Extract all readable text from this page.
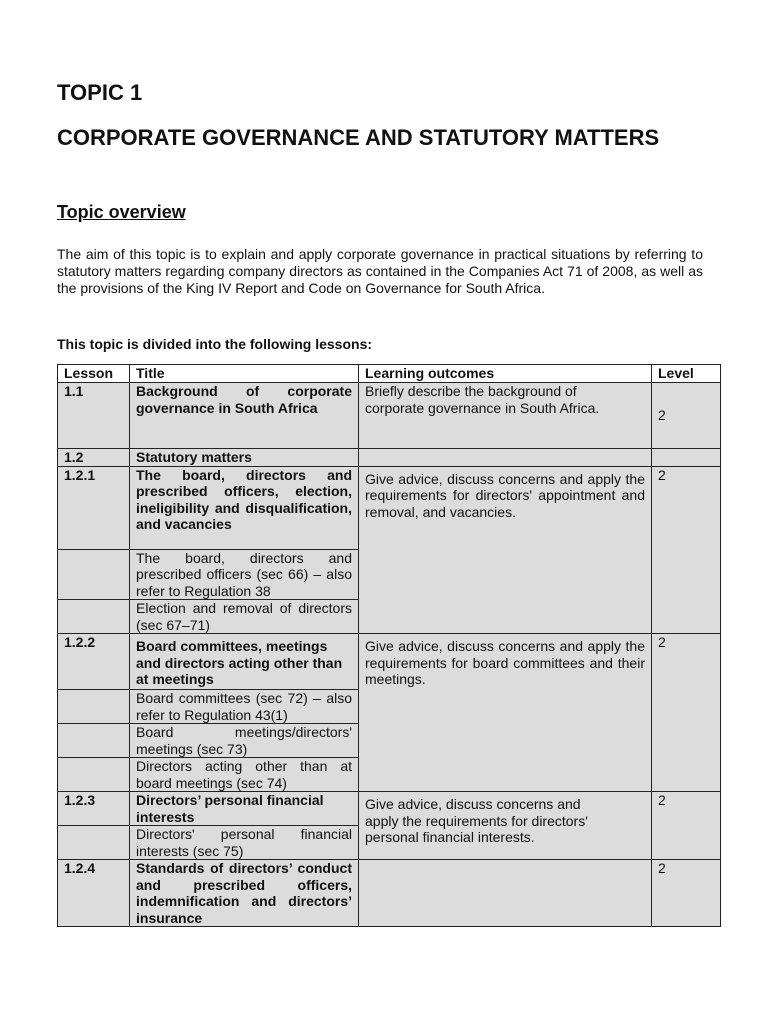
TOPIC 1
CORPORATE GOVERNANCE AND STATUTORY MATTERS
Topic overview
The aim of this topic is to explain and apply corporate governance in practical situations by referring to statutory matters regarding company directors as contained in the Companies Act 71 of 2008, as well as the provisions of the King IV Report and Code on Governance for South Africa.
This topic is divided into the following lessons:
Lesson	Title	Learning outcomes	Level
1.1	Background of corporate governance in South Africa	Briefly describe the background of corporate governance in South Africa.	2
1.2	Statutory matters		
1.2.1	The board, directors and prescribed officers, election, ineligibility and disqualification, and vacancies	Give advice, discuss concerns and apply the requirements for directors' appointment and removal, and vacancies.	2
	The board, directors and prescribed officers (sec 66) – also refer to Regulation 38		
	Election and removal of directors (sec 67–71)		
1.2.2	Board committees, meetings and directors acting other than at meetings	Give advice, discuss concerns and apply the requirements for board committees and their meetings.	2
	Board committees (sec 72) – also refer to Regulation 43(1)		
	Board meetings/directors' meetings (sec 73)		
	Directors acting other than at board meetings (sec 74)		
1.2.3	Directors’ personal financial interests	Give advice, discuss concerns and apply the requirements for directors' personal financial interests.	2
	Directors' personal financial interests (sec 75)		
1.2.4	Standards of directors’ conduct and prescribed officers, indemnification and directors’ insurance		2
